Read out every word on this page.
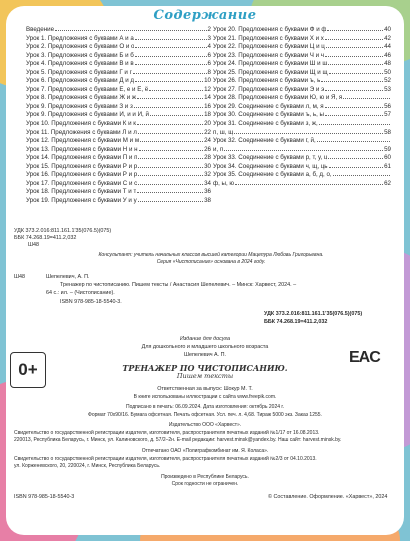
Содержание
Введение	2
Урок 1. Предложения с буквами А и а	3
Урок 2. Предложения с буквами О и о	4
Урок 3. Предложения с буквами Б и б	6
Урок 4. Предложения с буквами В и в	6
Урок 5. Предложения с буквами Г и г	8
Урок 6. Предложения с буквами Д и д	10
Урок 7. Предложения с буквами Е, е и Ё, ё	12
Урок 8. Предложения с буквами Ж и ж	14
Урок 9. Предложения с буквами З и з	16
Урок 9. Предложения с буквами И, и и Й, й	18
Урок 10. Предложения с буквами К и к	20
Урок 11. Предложения с буквами Л и л	22
Урок 12. Предложения с буквами М и м	24
Урок 13. Предложения с буквами Н и н	26
Урок 14. Предложения с буквами П и п	28
Урок 15. Предложения с буквами Р и р	30
Урок 16. Предложения с буквами Р и р	32
Урок 17. Предложения с буквами С и с	34
Урок 18. Предложения с буквами Т и т	36
Урок 19. Предложения с буквами У и у	38
Урок 20. Предложения с буквами Ф и ф	40
Урок 21. Предложения с буквами Х и х	42
Урок 22. Предложения с буквами Ц и ц	44
Урок 23. Предложения с буквами Ч и ч	46
Урок 24. Предложения с буквами Ш и ш	48
Урок 25. Предложения с буквами Щ и щ	50
Урок 26. Предложения с буквами ъ, ь	52
Урок 27. Предложения с буквами Э и э	53
Урок 28. Предложения с буквами Ю, ю и Я, я
Урок 29. Соединение с буквами л, м, я	56
Урок 30. Соединение с буквами ъ, ь, ы	57
Урок 31. Соединение с буквами з, ж,
п, ш, щ	58
Урок 32. Соединение с буквами г, й,
и, п	59
Урок 33. Соединение с буквами р, т, у, ц	60
Урок 34. Соединение с буквами ч, щ, ць	61
Урок 35. Соединение с буквами а, б, д, о,
ф, ы, ю	62
УДК 373.2.016:811.161.1'35(076.5)(075)
ББК 74.268.19=411.2,032
Ш48
Консультант: учитель начальных классов высшей категории Мацепура Любовь Григорьевна.
Серия «Чистописание» основана в 2024 году.
Ш48	Шепелевич, А. П.
Тренажер по чистописанию. Пишем тексты / Анастасия Шепелевич. – Минск: Харвест, 2024. –
64 с.: ил. – (Чистописание).
ISBN 978-985-18-5540-3.
УДК 373.2.016:811.161.1'35(076.5)(075)
ББК 74.268.19=411.2,032
Издание для досуга
Для дошкольного и младшего школьного возраста
Шепелевич А. П.
0+	ТРЕНАЖЕР ПО ЧИСТОПИСАНИЮ.
Пишем тексты
EAC
Ответственная за выпуск: Шокур М. Т.
В книге использованы иллюстрации с сайта www.freepik.com.
Подписано в печать: 06.09.2024. Дата изготовления: октябрь 2024 г.
Формат 70x90/16. Бумага офсетная. Печать офсетная. Усл. печ. л. 4,68. Тираж 5000 экз. Заказ 1255.
Издательство ООО «Харвест».
Свидетельство о государственной регистрации издателя, изготовителя, распространителя печатных изданий №1/17 от 16.08.2013.
220013, Республика Беларусь, г. Минск, ул. Калиновского, д. 57/2–2н. E-mail редакции: harvest.minsk@yandex.by. Наш сайт: harvest.minsk.by.
Отпечатано ОАО «Полиграфкомбинат им. Я. Коласа».
Свидетельство о государственной регистрации издателя, изготовителя, распространителя печатных изданий №2/3 от 04.10.2013.
ул. Корженевского, 20, 220024, г. Минск, Республика Беларусь.
Произведено в Республике Беларусь.
Срок годности не ограничен.
ISBN 978-985-18-5540-3	© Составление. Оформление. «Харвест», 2024
